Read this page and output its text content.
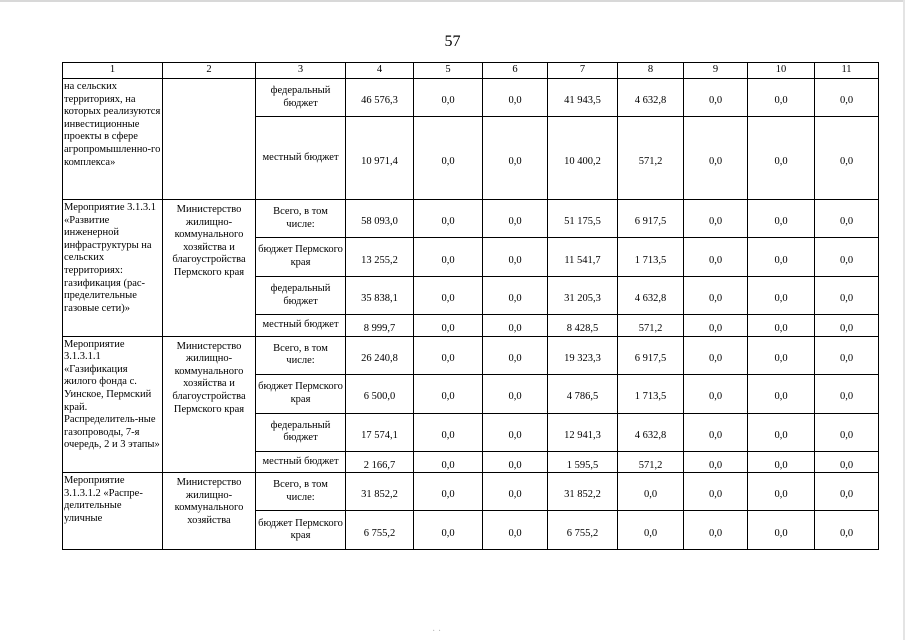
57
1	2	3	4	5	6	7	8	9	10	11
на сельских территориях, на которых реализуются инвестиционные проекты в сфере агропромышленно-го комплекса»		федеральный бюджет	46 576,3	0,0	0,0	41 943,5	4 632,8	0,0	0,0	0,0
		местный бюджет	10 971,4	0,0	0,0	10 400,2	571,2	0,0	0,0	0,0
Мероприятие 3.1.3.1 «Развитие инженерной инфраструктуры на сельских территориях: газификация (рас-пределительные газовые сети)»	Министерство жилищно-коммунального хозяйства и благоустройства Пермского края	Всего, в том числе:	58 093,0	0,0	0,0	51 175,5	6 917,5	0,0	0,0	0,0
		бюджет Пермского края	13 255,2	0,0	0,0	11 541,7	1 713,5	0,0	0,0	0,0
		федеральный бюджет	35 838,1	0,0	0,0	31 205,3	4 632,8	0,0	0,0	0,0
		местный бюджет	8 999,7	0,0	0,0	8 428,5	571,2	0,0	0,0	0,0
Мероприятие 3.1.3.1.1 «Газификация жилого фонда с. Уинское, Пермский край. Распределитель-ные газопроводы, 7-я очередь, 2 и 3 этапы»	Министерство жилищно-коммунального хозяйства и благоустройства Пермского края	Всего, в том числе:	26 240,8	0,0	0,0	19 323,3	6 917,5	0,0	0,0	0,0
		бюджет Пермского края	6 500,0	0,0	0,0	4 786,5	1 713,5	0,0	0,0	0,0
		федеральный бюджет	17 574,1	0,0	0,0	12 941,3	4 632,8	0,0	0,0	0,0
		местный бюджет	2 166,7	0,0	0,0	1 595,5	571,2	0,0	0,0	0,0
Мероприятие 3.1.3.1.2 «Распре-делительные уличные	Министерство жилищно-коммунального хозяйства	Всего, в том числе:	31 852,2	0,0	0,0	31 852,2	0,0	0,0	0,0	0,0
		бюджет Пермского края	6 755,2	0,0	0,0	6 755,2	0,0	0,0	0,0	0,0
· ·
